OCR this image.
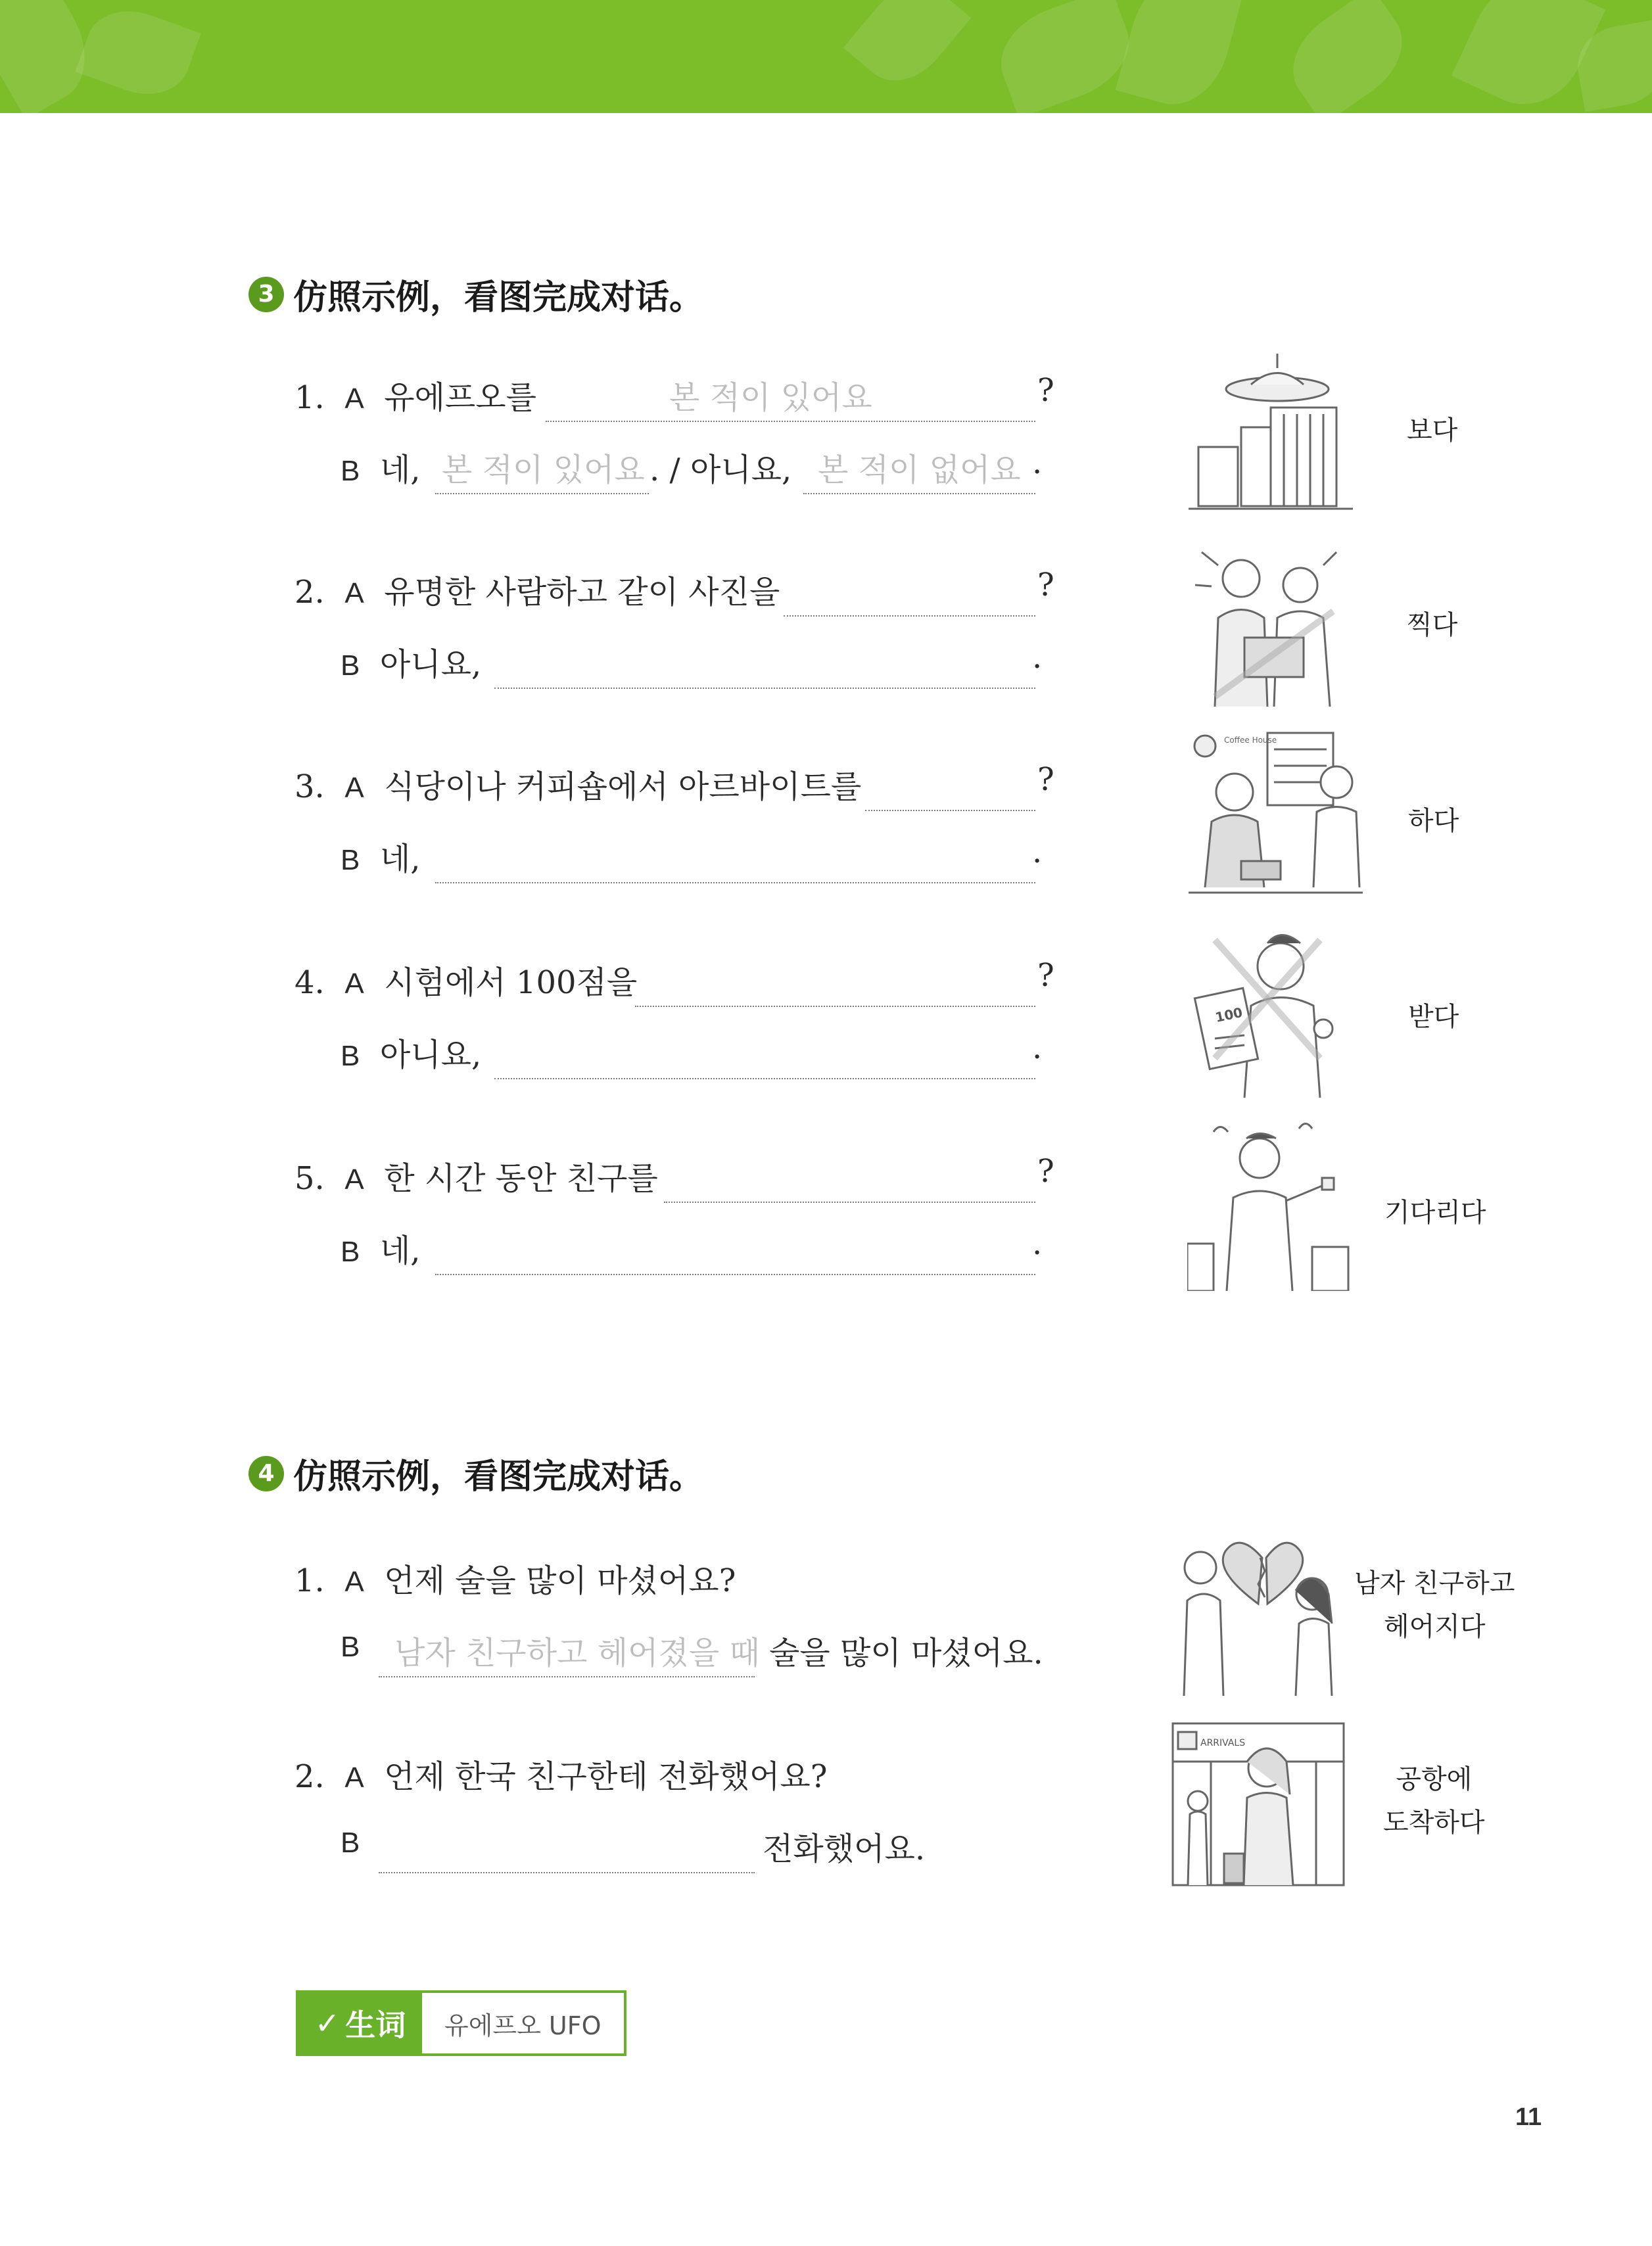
3 仿照示例，看图完成对话。
1. A 유에프오를	본 적이 있어요	?
B 네, 본 적이 있어요 . / 아니요, 본 적이 없어요 .
2. A 유명한 사람하고 같이 사진을	?
B 아니요,	.
3. A 식당이나 커피숍에서 아르바이트를	?
B 네,	.
4. A 시험에서 100점을	?
B 아니요,	.
5. A 한 시간 동안 친구를	?
B 네,	.
보다
찍다
Coffee House
하다
100	받다
기다리다
4 仿照示例，看图完成对话。
1. A 언제 술을 많이 마셨어요?
B 남자 친구하고 헤어졌을 때 술을 많이 마셨어요.
2. A 언제 한국 친구한테 전화했어요?
B	전화했어요.
남자 친구하고
헤어지다
ARRIVALS
공항에
도착하다
✓ 生词	유에프오 UFO
11
